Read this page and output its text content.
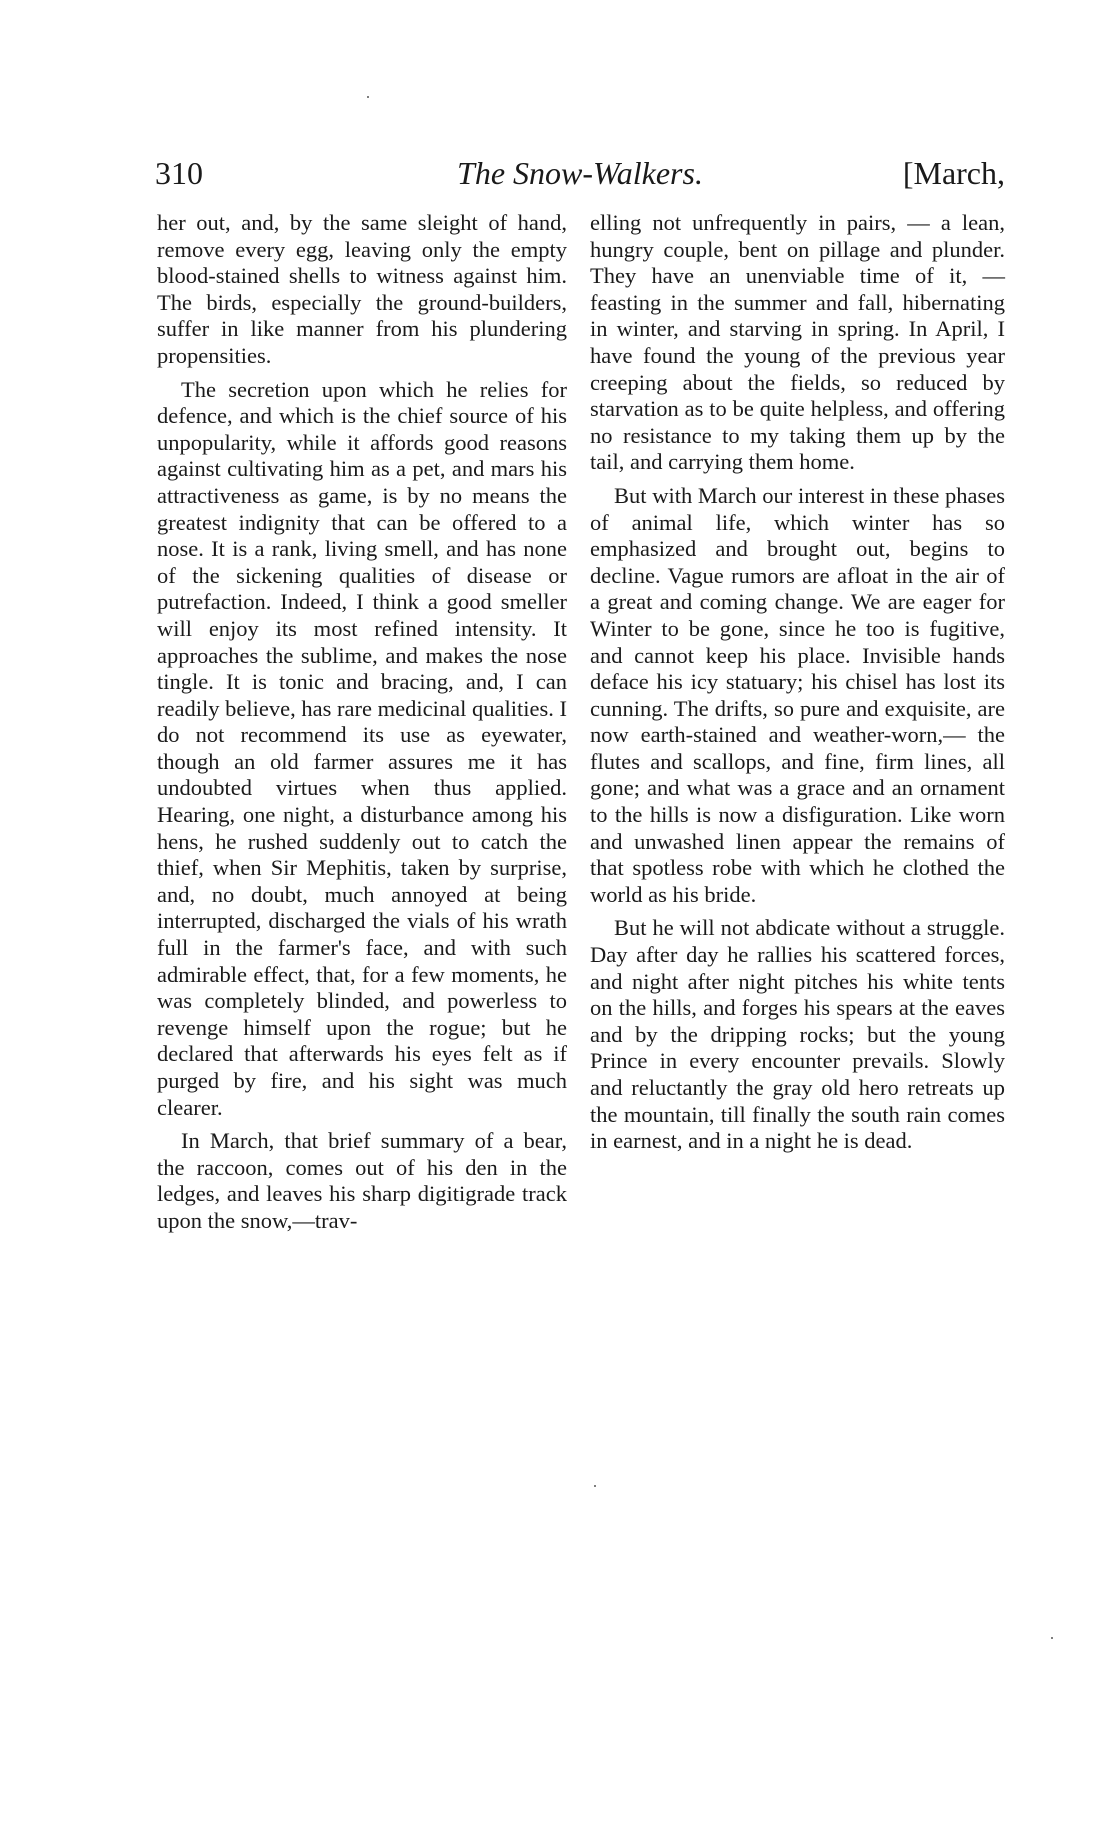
310	The Snow-Walkers.	[March,

her out, and, by the same sleight of hand, remove every egg, leaving only the empty blood-stained shells to witness against him. The birds, especially the ground-builders, suffer in like manner from his plundering propensities.

The secretion upon which he relies for defence, and which is the chief source of his unpopularity, while it affords good reasons against cultivating him as a pet, and mars his attractiveness as game, is by no means the greatest indignity that can be offered to a nose. It is a rank, living smell, and has none of the sickening qualities of disease or putrefaction. Indeed, I think a good smeller will enjoy its most refined intensity. It approaches the sublime, and makes the nose tingle. It is tonic and bracing, and, I can readily believe, has rare medicinal qualities. I do not recommend its use as eyewater, though an old farmer assures me it has undoubted virtues when thus applied. Hearing, one night, a disturbance among his hens, he rushed suddenly out to catch the thief, when Sir Mephitis, taken by surprise, and, no doubt, much annoyed at being interrupted, discharged the vials of his wrath full in the farmer's face, and with such admirable effect, that, for a few moments, he was completely blinded, and powerless to revenge himself upon the rogue; but he declared that afterwards his eyes felt as if purged by fire, and his sight was much clearer.

In March, that brief summary of a bear, the raccoon, comes out of his den in the ledges, and leaves his sharp digitigrade track upon the snow,—trav-

elling not unfrequently in pairs, — a lean, hungry couple, bent on pillage and plunder. They have an unenviable time of it, — feasting in the summer and fall, hibernating in winter, and starving in spring. In April, I have found the young of the previous year creeping about the fields, so reduced by starvation as to be quite helpless, and offering no resistance to my taking them up by the tail, and carrying them home.

But with March our interest in these phases of animal life, which winter has so emphasized and brought out, begins to decline. Vague rumors are afloat in the air of a great and coming change. We are eager for Winter to be gone, since he too is fugitive, and cannot keep his place. Invisible hands deface his icy statuary; his chisel has lost its cunning. The drifts, so pure and exquisite, are now earth-stained and weather-worn,— the flutes and scallops, and fine, firm lines, all gone; and what was a grace and an ornament to the hills is now a disfiguration. Like worn and unwashed linen appear the remains of that spotless robe with which he clothed the world as his bride.

But he will not abdicate without a struggle. Day after day he rallies his scattered forces, and night after night pitches his white tents on the hills, and forges his spears at the eaves and by the dripping rocks; but the young Prince in every encounter prevails. Slowly and reluctantly the gray old hero retreats up the mountain, till finally the south rain comes in earnest, and in a night he is dead.
